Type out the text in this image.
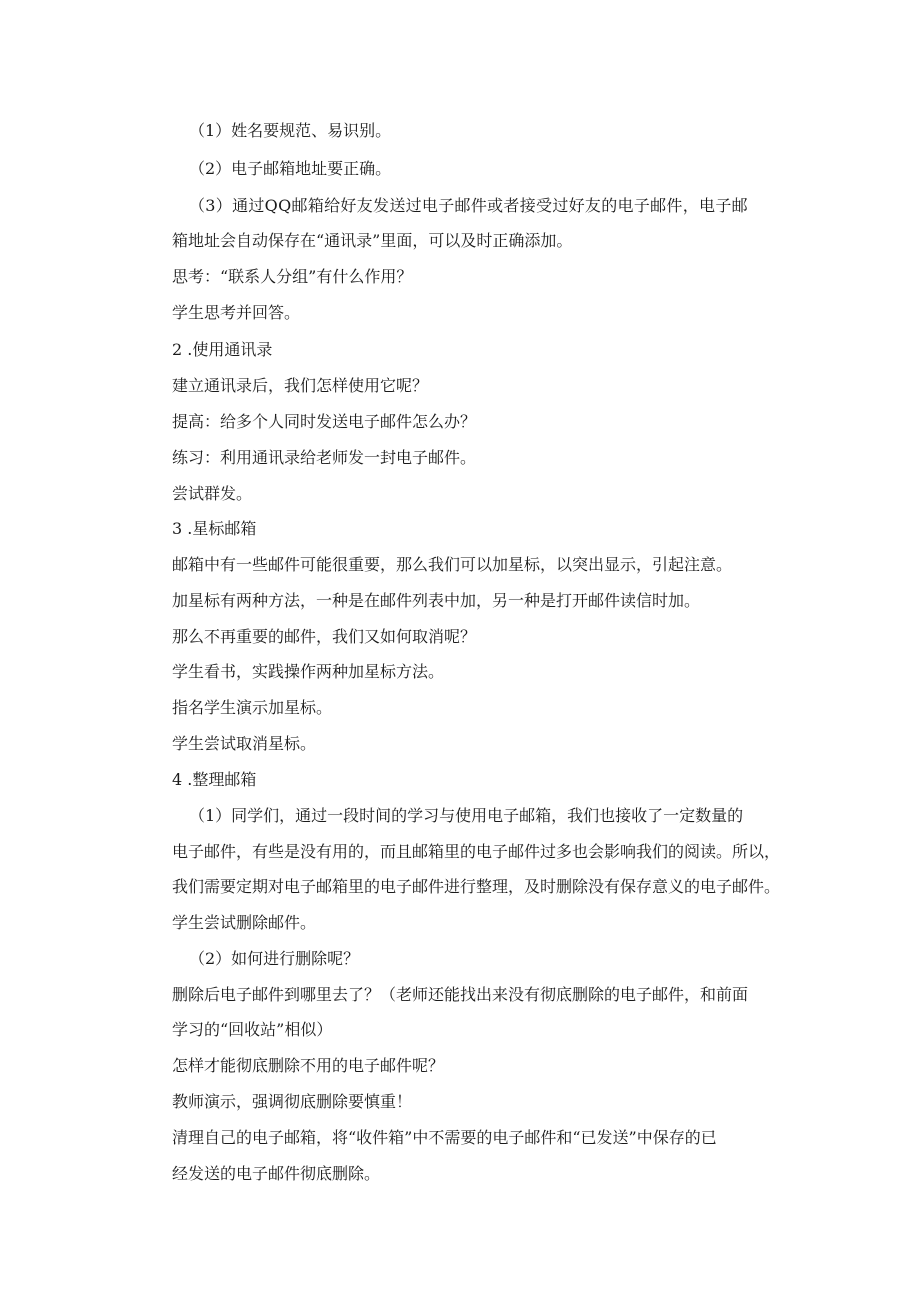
（1）姓名要规范、易识别。
（2）电子邮箱地址要正确。
（3）通过QQ邮箱给好友发送过电子邮件或者接受过好友的电子邮件，电子邮
箱地址会自动保存在“通讯录”里面，可以及时正确添加。
思考：“联系人分组”有什么作用？
学生思考并回答。
2 .使用通讯录
建立通讯录后，我们怎样使用它呢？
提高：给多个人同时发送电子邮件怎么办？
练习：利用通讯录给老师发一封电子邮件。
尝试群发。
3 .星标邮箱
邮箱中有一些邮件可能很重要，那么我们可以加星标，以突出显示，引起注意。
加星标有两种方法，一种是在邮件列表中加，另一种是打开邮件读信时加。
那么不再重要的邮件，我们又如何取消呢？
学生看书，实践操作两种加星标方法。
指名学生演示加星标。
学生尝试取消星标。
4 .整理邮箱
（1）同学们，通过一段时间的学习与使用电子邮箱，我们也接收了一定数量的
电子邮件，有些是没有用的，而且邮箱里的电子邮件过多也会影响我们的阅读。所以，
我们需要定期对电子邮箱里的电子邮件进行整理，及时删除没有保存意义的电子邮件。
学生尝试删除邮件。
（2）如何进行删除呢？
删除后电子邮件到哪里去了？（老师还能找出来没有彻底删除的电子邮件，和前面
学习的“回收站”相似）
怎样才能彻底删除不用的电子邮件呢？
教师演示，强调彻底删除要慎重！
清理自己的电子邮箱，将“收件箱”中不需要的电子邮件和“已发送”中保存的已
经发送的电子邮件彻底删除。
